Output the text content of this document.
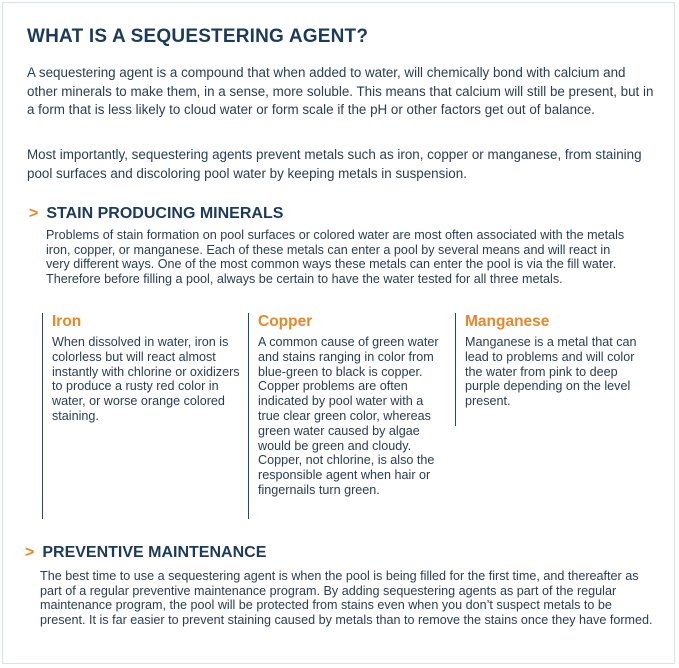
WHAT IS A SEQUESTERING AGENT?

A sequestering agent is a compound that when added to water, will chemically bond with calcium and other minerals to make them, in a sense, more soluble. This means that calcium will still be present, but in a form that is less likely to cloud water or form scale if the pH or other factors get out of balance.

Most importantly, sequestering agents prevent metals such as iron, copper or manganese, from staining pool surfaces and discoloring pool water by keeping metals in suspension.

> STAIN PRODUCING MINERALS

Problems of stain formation on pool surfaces or colored water are most often associated with the metals iron, copper, or manganese. Each of these metals can enter a pool by several means and will react in very different ways. One of the most common ways these metals can enter the pool is via the fill water. Therefore before filling a pool, always be certain to have the water tested for all three metals.

Iron

When dissolved in water, iron is colorless but will react almost instantly with chlorine or oxidizers to produce a rusty red color in water, or worse orange colored staining.

Copper

A common cause of green water and stains ranging in color from blue-green to black is copper. Copper problems are often indicated by pool water with a true clear green color, whereas green water caused by algae would be green and cloudy. Copper, not chlorine, is also the responsible agent when hair or fingernails turn green.

Manganese

Manganese is a metal that can lead to problems and will color the water from pink to deep purple depending on the level present.

> PREVENTIVE MAINTENANCE

The best time to use a sequestering agent is when the pool is being filled for the first time, and thereafter as part of a regular preventive maintenance program. By adding sequestering agents as part of the regular maintenance program, the pool will be protected from stains even when you don’t suspect metals to be present. It is far easier to prevent staining caused by metals than to remove the stains once they have formed.
